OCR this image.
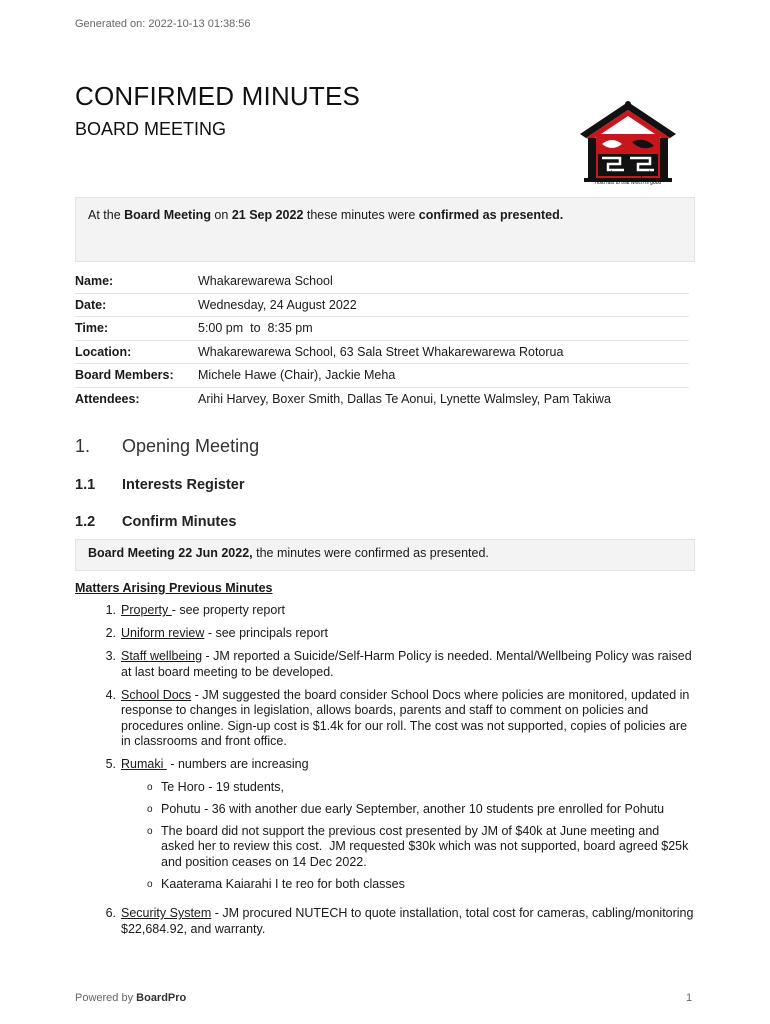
Generated on: 2022-10-13 01:38:56
CONFIRMED MINUTES
BOARD MEETING
Kia u ki te pai
"Hold fast to that which is good"
At the Board Meeting on 21 Sep 2022 these minutes were confirmed as presented.
Name:	Whakarewarewa School
Date:	Wednesday, 24 August 2022
Time:	5:00 pm  to  8:35 pm
Location:	Whakarewarewa School, 63 Sala Street Whakarewarewa Rotorua
Board Members:	Michele Hawe (Chair), Jackie Meha
Attendees:	Arihi Harvey, Boxer Smith, Dallas Te Aonui, Lynette Walmsley, Pam Takiwa
1. Opening Meeting
1.1 Interests Register
1.2 Confirm Minutes
Board Meeting 22 Jun 2022, the minutes were confirmed as presented.
Matters Arising Previous Minutes
1. Property - see property report
2. Uniform review - see principals report
3. Staff wellbeing - JM reported a Suicide/Self-Harm Policy is needed. Mental/Wellbeing Policy was raised at last board meeting to be developed.
4. School Docs - JM suggested the board consider School Docs where policies are monitored, updated in response to changes in legislation, allows boards, parents and staff to comment on policies and procedures online. Sign-up cost is $1.4k for our roll. The cost was not supported, copies of policies are in classrooms and front office.
5. Rumaki  - numbers are increasing
o Te Horo - 19 students,
o Pohutu - 36 with another due early September, another 10 students pre enrolled for Pohutu
o The board did not support the previous cost presented by JM of $40k at June meeting and asked her to review this cost.  JM requested $30k which was not supported, board agreed $25k and position ceases on 14 Dec 2022.
o Kaaterama Kaiarahi I te reo for both classes
6. Security System - JM procured NUTECH to quote installation, total cost for cameras, cabling/monitoring $22,684.92, and warranty.
Powered by BoardPro	1
